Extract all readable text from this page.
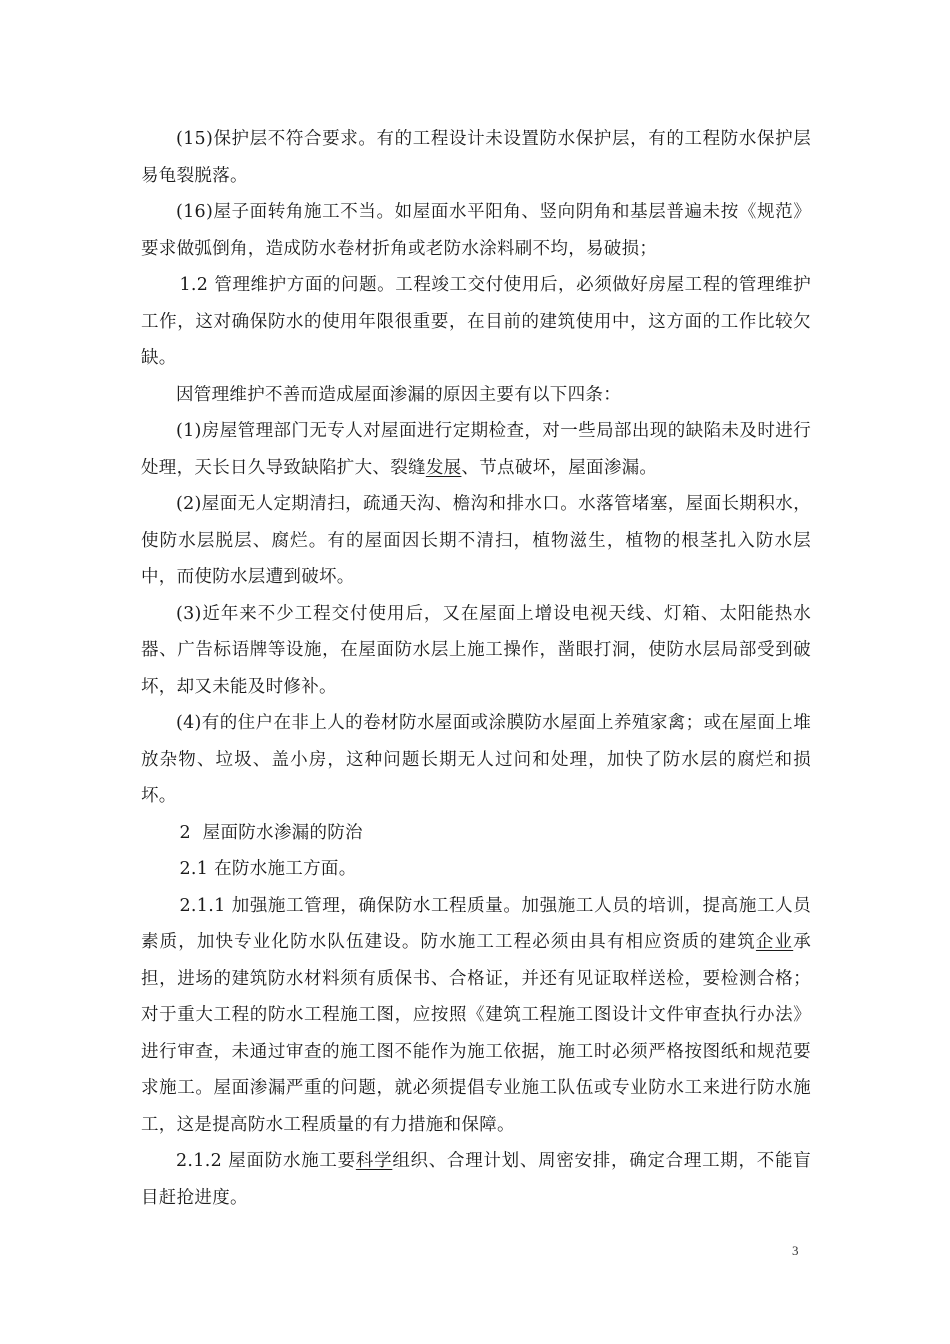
(15)保护层不符合要求。有的工程设计未设置防水保护层，有的工程防水保护层易龟裂脱落。

(16)屋子面转角施工不当。如屋面水平阳角、竖向阴角和基层普遍未按《规范》要求做弧倒角，造成防水卷材折角或老防水涂料刷不均，易破损；

1.2 管理维护方面的问题。工程竣工交付使用后，必须做好房屋工程的管理维护工作，这对确保防水的使用年限很重要，在目前的建筑使用中，这方面的工作比较欠缺。

因管理维护不善而造成屋面渗漏的原因主要有以下四条：

(1)房屋管理部门无专人对屋面进行定期检查，对一些局部出现的缺陷未及时进行处理，天长日久导致缺陷扩大、裂缝发展、节点破坏，屋面渗漏。

(2)屋面无人定期清扫，疏通天沟、檐沟和排水口。水落管堵塞，屋面长期积水，使防水层脱层、腐烂。有的屋面因长期不清扫，植物滋生，植物的根茎扎入防水层中，而使防水层遭到破坏。

(3)近年来不少工程交付使用后，又在屋面上增设电视天线、灯箱、太阳能热水器、广告标语牌等设施，在屋面防水层上施工操作，凿眼打洞，使防水层局部受到破坏，却又未能及时修补。

(4)有的住户在非上人的卷材防水屋面或涂膜防水屋面上养殖家禽；或在屋面上堆放杂物、垃圾、盖小房，这种问题长期无人过问和处理，加快了防水层的腐烂和损坏。

2  屋面防水渗漏的防治

2.1 在防水施工方面。

2.1.1 加强施工管理，确保防水工程质量。加强施工人员的培训，提高施工人员素质，加快专业化防水队伍建设。防水施工工程必须由具有相应资质的建筑企业承担，进场的建筑防水材料须有质保书、合格证，并还有见证取样送检，要检测合格；对于重大工程的防水工程施工图，应按照《建筑工程施工图设计文件审查执行办法》进行审查，未通过审查的施工图不能作为施工依据，施工时必须严格按图纸和规范要求施工。屋面渗漏严重的问题，就必须提倡专业施工队伍或专业防水工来进行防水施工，这是提高防水工程质量的有力措施和保障。

2.1.2 屋面防水施工要科学组织、合理计划、周密安排，确定合理工期，不能盲目赶抢进度。

3
